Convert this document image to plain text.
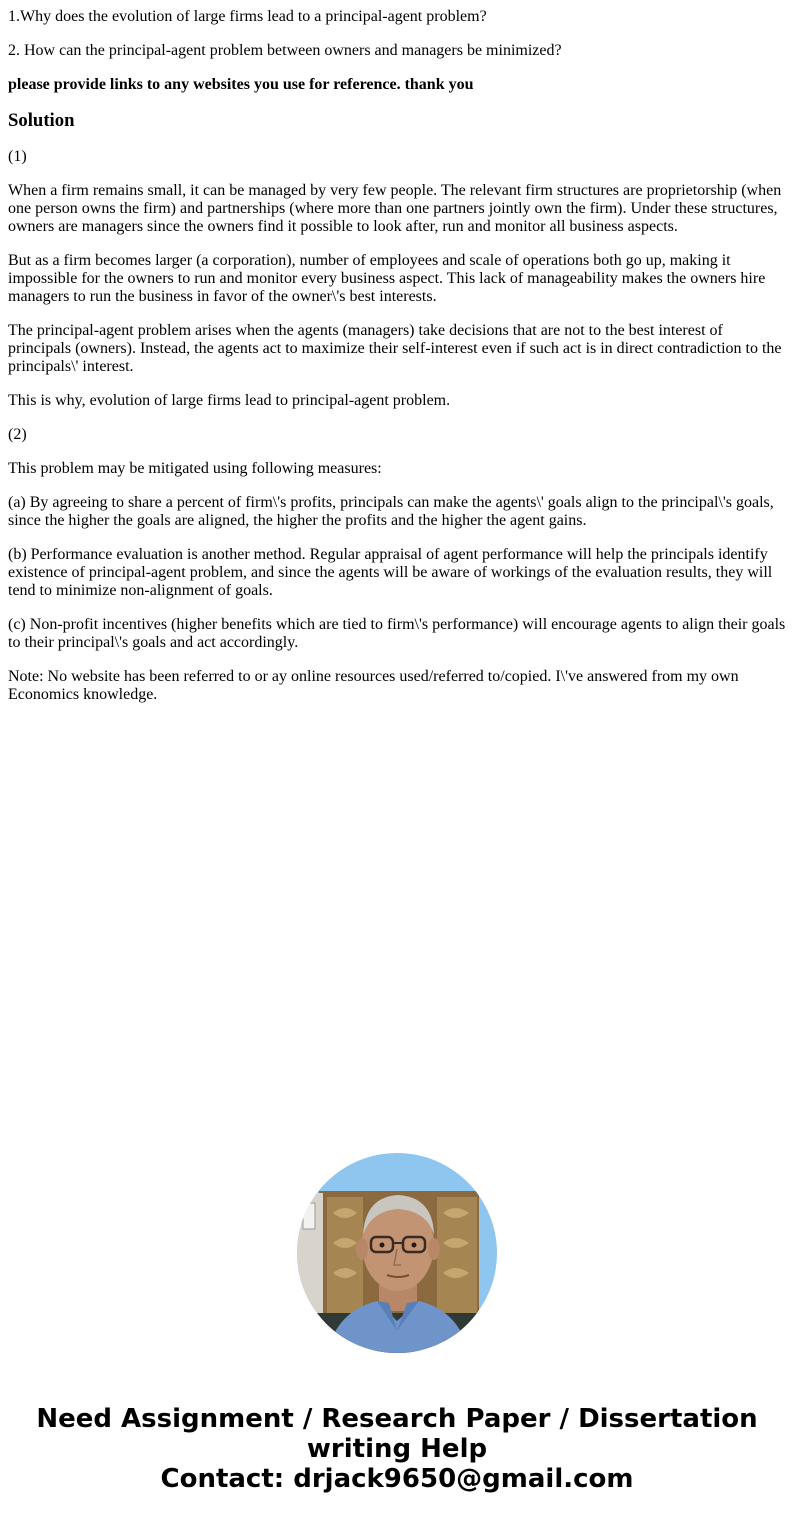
1.Why does the evolution of large firms lead to a principal-agent problem?

2. How can the principal-agent problem between owners and managers be minimized?

please provide links to any websites you use for reference. thank you

Solution

(1)

When a firm remains small, it can be managed by very few people. The relevant firm structures are proprietorship (when one person owns the firm) and partnerships (where more than one partners jointly own the firm). Under these structures, owners are managers since the owners find it possible to look after, run and monitor all business aspects.

But as a firm becomes larger (a corporation), number of employees and scale of operations both go up, making it impossible for the owners to run and monitor every business aspect. This lack of manageability makes the owners hire managers to run the business in favor of the owner\'s best interests.

The principal-agent problem arises when the agents (managers) take decisions that are not to the best interest of principals (owners). Instead, the agents act to maximize their self-interest even if such act is in direct contradiction to the principals\' interest.

This is why, evolution of large firms lead to principal-agent problem.

(2)

This problem may be mitigated using following measures:

(a) By agreeing to share a percent of firm\'s profits, principals can make the agents\' goals align to the principal\'s goals, since the higher the goals are aligned, the higher the profits and the higher the agent gains.

(b) Performance evaluation is another method. Regular appraisal of agent performance will help the principals identify existence of principal-agent problem, and since the agents will be aware of workings of the evaluation results, they will tend to minimize non-alignment of goals.

(c) Non-profit incentives (higher benefits which are tied to firm\'s performance) will encourage agents to align their goals to their principal\'s goals and act accordingly.

Note: No website has been referred to or ay online resources used/referred to/copied. I\'ve answered from my own Economics knowledge.

Need Assignment / Research Paper / Dissertation
writing Help
Contact: drjack9650@gmail.com
